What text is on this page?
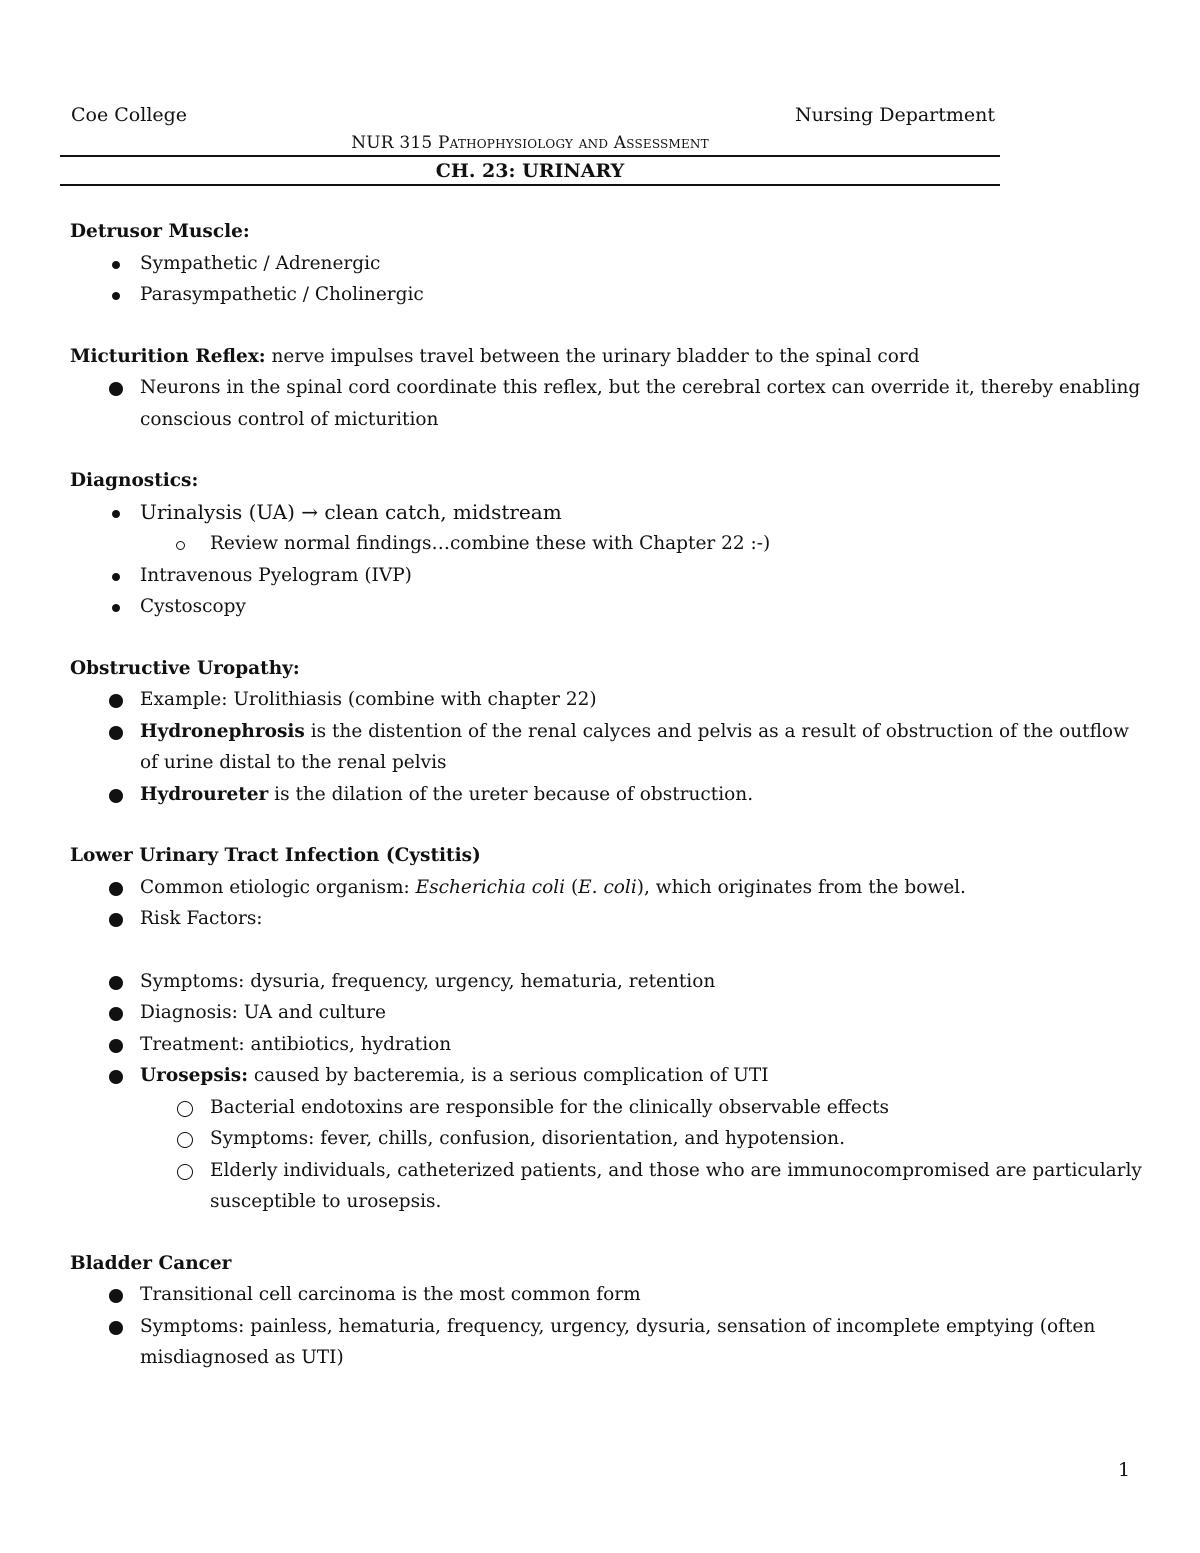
Coe College	Nursing Department
NUR 315 Pathophysiology and Assessment
CH. 23: URINARY
Detrusor Muscle:
Sympathetic / Adrenergic
Parasympathetic / Cholinergic
Micturition Reflex: nerve impulses travel between the urinary bladder to the spinal cord
Neurons in the spinal cord coordinate this reflex, but the cerebral cortex can override it, thereby enabling conscious control of micturition
Diagnostics:
Urinalysis (UA) → clean catch, midstream
Review normal findings…combine these with Chapter 22 :-)
Intravenous Pyelogram (IVP)
Cystoscopy
Obstructive Uropathy:
Example: Urolithiasis (combine with chapter 22)
Hydronephrosis is the distention of the renal calyces and pelvis as a result of obstruction of the outflow of urine distal to the renal pelvis
Hydroureter is the dilation of the ureter because of obstruction.
Lower Urinary Tract Infection (Cystitis)
Common etiologic organism: Escherichia coli (E. coli), which originates from the bowel.
Risk Factors:
Symptoms: dysuria, frequency, urgency, hematuria, retention
Diagnosis: UA and culture
Treatment: antibiotics, hydration
Urosepsis: caused by bacteremia, is a serious complication of UTI
Bacterial endotoxins are responsible for the clinically observable effects
Symptoms: fever, chills, confusion, disorientation, and hypotension.
Elderly individuals, catheterized patients, and those who are immunocompromised are particularly susceptible to urosepsis.
Bladder Cancer
Transitional cell carcinoma is the most common form
Symptoms: painless, hematuria, frequency, urgency, dysuria, sensation of incomplete emptying (often misdiagnosed as UTI)
1
